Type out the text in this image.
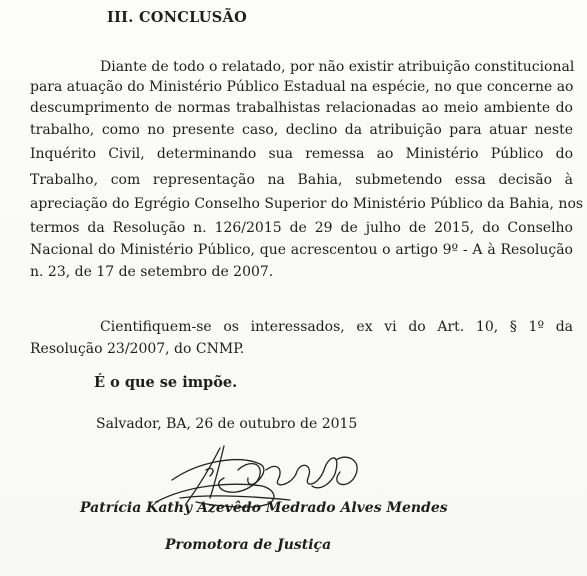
III. CONCLUSÃO
Diante de todo o relatado, por não existir atribuição constitucional
para atuação do Ministério Público Estadual na espécie, no que concerne ao
descumprimento de normas trabalhistas relacionadas ao meio ambiente do
trabalho, como no presente caso, declino da atribuição para atuar neste
Inquérito Civil, determinando sua remessa ao Ministério Público do
Trabalho, com representação na Bahia, submetendo essa decisão à
apreciação do Egrégio Conselho Superior do Ministério Público da Bahia, nos
termos da Resolução n. 126/2015 de 29 de julho de 2015, do Conselho
Nacional do Ministério Público, que acrescentou o artigo 9º - A à Resolução
n. 23, de 17 de setembro de 2007.
Cientifiquem-se os interessados, ex vi do Art. 10, § 1º da
Resolução 23/2007, do CNMP.
É o que se impõe.
Salvador, BA, 26 de outubro de 2015
Patrícia Kathy Azevêdo Medrado Alves Mendes
Promotora de Justiça
